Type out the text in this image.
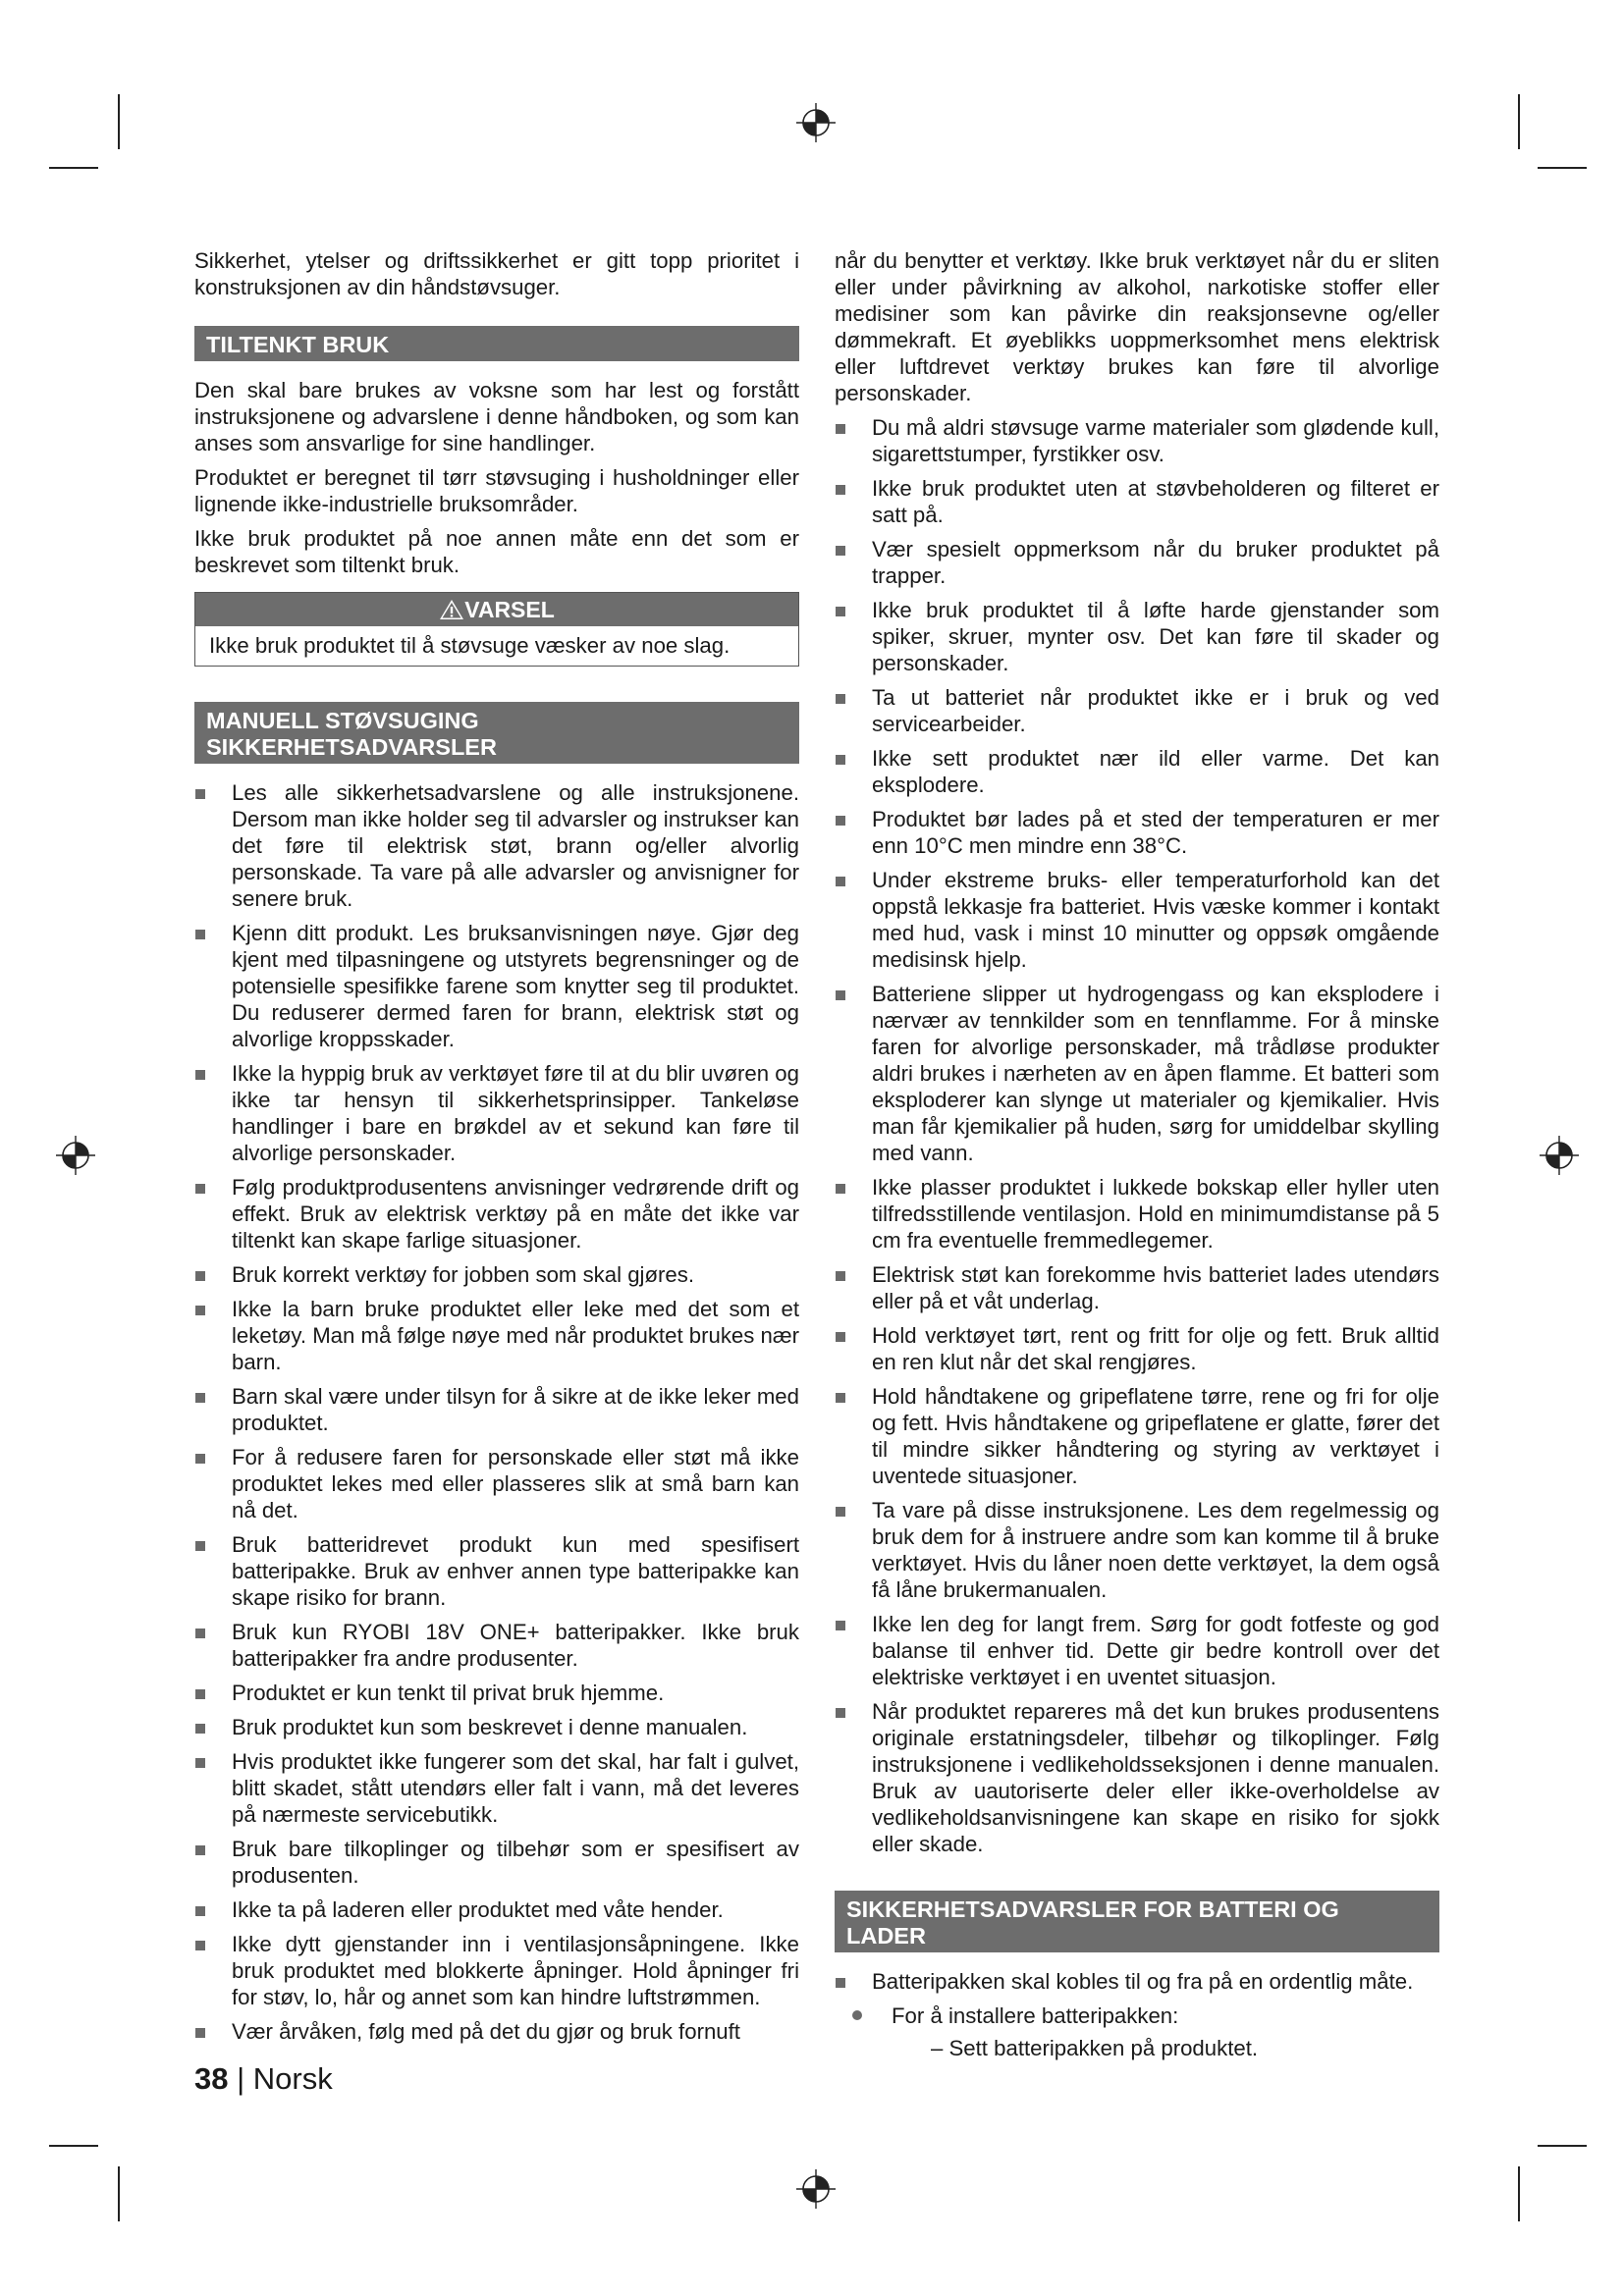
Sikkerhet, ytelser og driftssikkerhet er gitt topp prioritet i konstruksjonen av din håndstøvsuger.

TILTENKT BRUK

Den skal bare brukes av voksne som har lest og forstått instruksjonene og advarslene i denne håndboken, og som kan anses som ansvarlige for sine handlinger.

Produktet er beregnet til tørr støvsuging i husholdninger eller lignende ikke-industrielle bruksområder.

Ikke bruk produktet på noe annen måte enn det som er beskrevet som tiltenkt bruk.

VARSEL
Ikke bruk produktet til å støvsuge væsker av noe slag.
MANUELL STØVSUGING
SIKKERHETSADVARSLER
Les alle sikkerhetsadvarslene og alle instruksjonene. Dersom man ikke holder seg til advarsler og instrukser kan det føre til elektrisk støt, brann og/eller alvorlig personskade. Ta vare på alle advarsler og anvisnigner for senere bruk.
Kjenn ditt produkt. Les bruksanvisningen nøye. Gjør deg kjent med tilpasningene og utstyrets begrensninger og de potensielle spesifikke farene som knytter seg til produktet. Du reduserer dermed faren for brann, elektrisk støt og alvorlige kroppsskader.
Ikke la hyppig bruk av verktøyet føre til at du blir uvøren og ikke tar hensyn til sikkerhetsprinsipper. Tankeløse handlinger i bare en brøkdel av et sekund kan føre til alvorlige personskader.
Følg produktprodusentens anvisninger vedrørende drift og effekt. Bruk av elektrisk verktøy på en måte det ikke var tiltenkt kan skape farlige situasjoner.
Bruk korrekt verktøy for jobben som skal gjøres.
Ikke la barn bruke produktet eller leke med det som et leketøy. Man må følge nøye med når produktet brukes nær barn.
Barn skal være under tilsyn for å sikre at de ikke leker med produktet.
For å redusere faren for personskade eller støt må ikke produktet lekes med eller plasseres slik at små barn kan nå det.
Bruk batteridrevet produkt kun med spesifisert batteripakke. Bruk av enhver annen type batteripakke kan skape risiko for brann.
Bruk kun RYOBI 18V ONE+ batteripakker. Ikke bruk batteripakker fra andre produsenter.
Produktet er kun tenkt til privat bruk hjemme.
Bruk produktet kun som beskrevet i denne manualen.
Hvis produktet ikke fungerer som det skal, har falt i gulvet, blitt skadet, stått utendørs eller falt i vann, må det leveres på nærmeste servicebutikk.
Bruk bare tilkoplinger og tilbehør som er spesifisert av produsenten.
Ikke ta på laderen eller produktet med våte hender.
Ikke dytt gjenstander inn i ventilasjonsåpningene. Ikke bruk produktet med blokkerte åpninger. Hold åpninger fri for støv, lo, hår og annet som kan hindre luftstrømmen.
Vær årvåken, følg med på det du gjør og bruk fornuft

når du benytter et verktøy. Ikke bruk verktøyet når du er sliten eller under påvirkning av alkohol, narkotiske stoffer eller medisiner som kan påvirke din reaksjonsevne og/eller dømmekraft. Et øyeblikks uoppmerksomhet mens elektrisk eller luftdrevet verktøy brukes kan føre til alvorlige personskader.

Du må aldri støvsuge varme materialer som glødende kull, sigarettstumper, fyrstikker osv.
Ikke bruk produktet uten at støvbeholderen og filteret er satt på.
Vær spesielt oppmerksom når du bruker produktet på trapper.
Ikke bruk produktet til å løfte harde gjenstander som spiker, skruer, mynter osv. Det kan føre til skader og personskader.
Ta ut batteriet når produktet ikke er i bruk og ved servicearbeider.
Ikke sett produktet nær ild eller varme. Det kan eksplodere.
Produktet bør lades på et sted der temperaturen er mer enn 10°C men mindre enn 38°C.
Under ekstreme bruks- eller temperaturforhold kan det oppstå lekkasje fra batteriet. Hvis væske kommer i kontakt med hud, vask i minst 10 minutter og oppsøk omgående medisinsk hjelp.
Batteriene slipper ut hydrogengass og kan eksplodere i nærvær av tennkilder som en tennflamme. For å minske faren for alvorlige personskader, må trådløse produkter aldri brukes i nærheten av en åpen flamme. Et batteri som eksploderer kan slynge ut materialer og kjemikalier. Hvis man får kjemikalier på huden, sørg for umiddelbar skylling med vann.
Ikke plasser produktet i lukkede bokskap eller hyller uten tilfredsstillende ventilasjon. Hold en minimumdistanse på 5 cm fra eventuelle fremmedlegemer.
Elektrisk støt kan forekomme hvis batteriet lades utendørs eller på et våt underlag.
Hold verktøyet tørt, rent og fritt for olje og fett. Bruk alltid en ren klut når det skal rengjøres.
Hold håndtakene og gripeflatene tørre, rene og fri for olje og fett. Hvis håndtakene og gripeflatene er glatte, fører det til mindre sikker håndtering og styring av verktøyet i uventede situasjoner.
Ta vare på disse instruksjonene. Les dem regelmessig og bruk dem for å instruere andre som kan komme til å bruke verktøyet. Hvis du låner noen dette verktøyet, la dem også få låne brukermanualen.
Ikke len deg for langt frem. Sørg for godt fotfeste og god balanse til enhver tid. Dette gir bedre kontroll over det elektriske verktøyet i en uventet situasjon.
Når produktet repareres må det kun brukes produsentens originale erstatningsdeler, tilbehør og tilkoplinger. Følg instruksjonene i vedlikeholdsseksjonen i denne manualen. Bruk av uautoriserte deler eller ikke-overholdelse av vedlikeholdsanvisningene kan skape en risiko for sjokk eller skade.
SIKKERHETSADVARSLER FOR BATTERI OG
LADER
Batteripakken skal kobles til og fra på en ordentlig måte.
For å installere batteripakken:
– Sett batteripakken på produktet.
38 | Norsk
